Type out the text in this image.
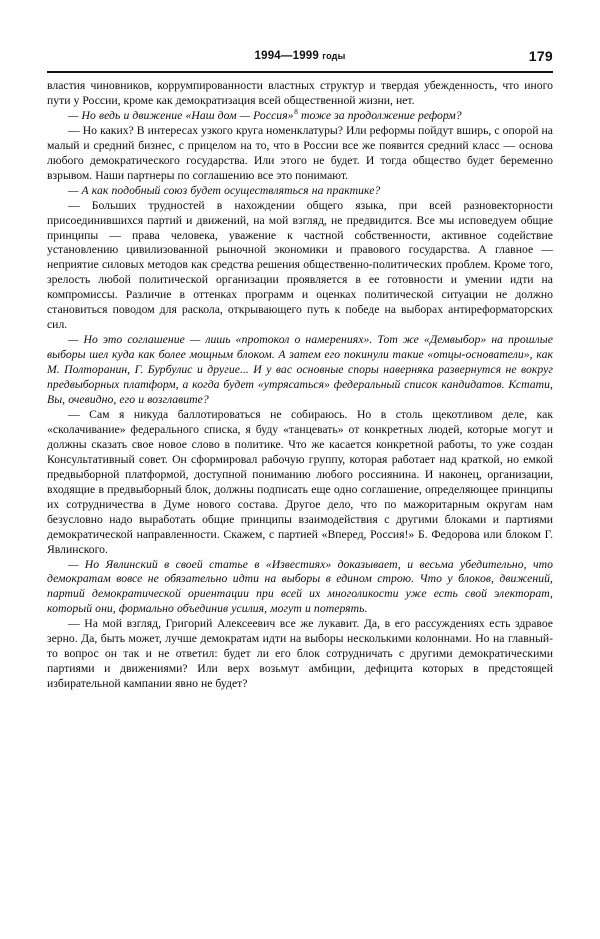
1994—1999 годы	179

властия чиновников, коррумпированности властных структур и твердая убежденность, что иного пути у России, кроме как демократизация всей общественной жизни, нет.

— Но ведь и движение «Наш дом — Россия»$^8$ тоже за продолжение реформ?

— Но каких? В интересах узкого круга номенклатуры? Или реформы пойдут вширь, с опорой на малый и средний бизнес, с прицелом на то, что в России все же появится средний класс — основа любого демократического государства. Или этого не будет. И тогда общество будет беременно взрывом. Наши партнеры по соглашению все это понимают.

— А как подобный союз будет осуществляться на практике?

— Больших трудностей в нахождении общего языка, при всей разновекторности присоединившихся партий и движений, на мой взгляд, не предвидится. Все мы исповедуем общие принципы — права человека, уважение к частной собственности, активное содействие установлению цивилизованной рыночной экономики и правового государства. А главное — неприятие силовых методов как средства решения общественно-политических проблем. Кроме того, зрелость любой политической организации проявляется в ее готовности и умении идти на компромиссы. Различие в оттенках программ и оценках политической ситуации не должно становиться поводом для раскола, открывающего путь к победе на выборах антиреформаторских сил.

— Но это соглашение — лишь «протокол о намерениях». Тот же «Демвыбор» на прошлые выборы шел куда как более мощным блоком. А затем его покинули такие «отцы-основатели», как М. Полторанин, Г. Бурбулис и другие... И у вас основные споры наверняка развернутся не вокруг предвыборных платформ, а когда будет «утрясаться» федеральный список кандидатов. Кстати, Вы, очевидно, его и возглавите?

— Сам я никуда баллотироваться не собираюсь. Но в столь щекотливом деле, как «сколачивание» федерального списка, я буду «танцевать» от конкретных людей, которые могут и должны сказать свое новое слово в политике. Что же касается конкретной работы, то уже создан Консультативный совет. Он сформировал рабочую группу, которая работает над краткой, но емкой предвыборной платформой, доступной пониманию любого россиянина. И наконец, организации, входящие в предвыборный блок, должны подписать еще одно соглашение, определяющее принципы их сотрудничества в Думе нового состава. Другое дело, что по мажоритарным округам нам безусловно надо выработать общие принципы взаимодействия с другими блоками и партиями демократической направленности. Скажем, с партией «Вперед, Россия!» Б. Федорова или блоком Г. Явлинского.

— Но Явлинский в своей статье в «Известиях» доказывает, и весьма убедительно, что демократам вовсе не обязательно идти на выборы в едином строю. Что у блоков, движений, партий демократической ориентации при всей их многоликости уже есть свой электорат, который они, формально объединив усилия, могут и потерять.

— На мой взгляд, Григорий Алексеевич все же лукавит. Да, в его рассуждениях есть здравое зерно. Да, быть может, лучше демократам идти на выборы несколькими колоннами. Но на главный-то вопрос он так и не ответил: будет ли его блок сотрудничать с другими демократическими партиями и движениями? Или верх возьмут амбиции, дефицита которых в предстоящей избирательной кампании явно не будет?
